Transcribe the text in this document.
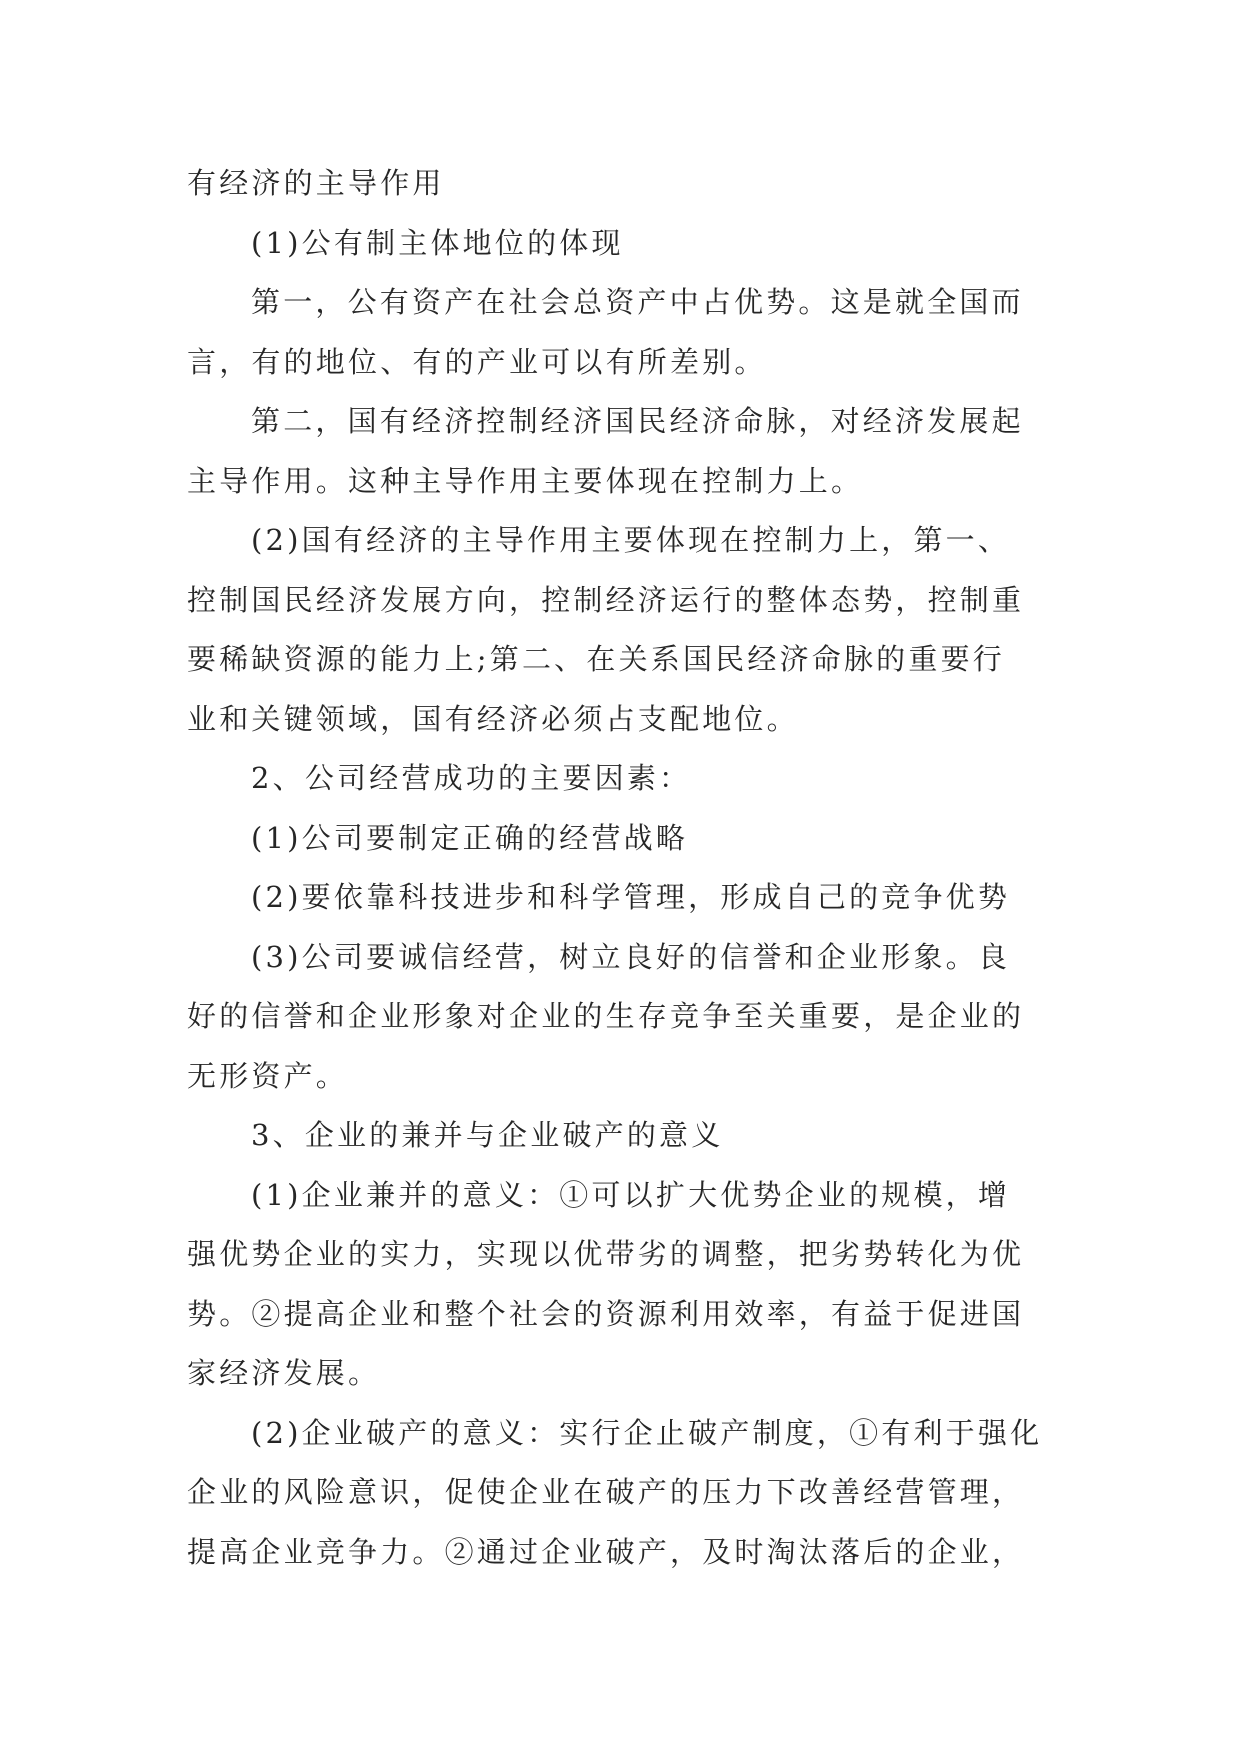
有经济的主导作用
(1)公有制主体地位的体现
第一，公有资产在社会总资产中占优势。这是就全国而
言，有的地位、有的产业可以有所差别。
第二，国有经济控制经济国民经济命脉，对经济发展起
主导作用。这种主导作用主要体现在控制力上。
(2)国有经济的主导作用主要体现在控制力上，第一、
控制国民经济发展方向，控制经济运行的整体态势，控制重
要稀缺资源的能力上;第二、在关系国民经济命脉的重要行
业和关键领域，国有经济必须占支配地位。
2、公司经营成功的主要因素：
(1)公司要制定正确的经营战略
(2)要依靠科技进步和科学管理，形成自己的竞争优势
(3)公司要诚信经营，树立良好的信誉和企业形象。良
好的信誉和企业形象对企业的生存竞争至关重要，是企业的
无形资产。
3、企业的兼并与企业破产的意义
(1)企业兼并的意义：①可以扩大优势企业的规模，增
强优势企业的实力，实现以优带劣的调整，把劣势转化为优
势。②提高企业和整个社会的资源利用效率，有益于促进国
家经济发展。
(2)企业破产的意义：实行企止破产制度，①有利于强化
企业的风险意识，促使企业在破产的压力下改善经营管理，
提高企业竞争力。②通过企业破产，及时淘汰落后的企业，
